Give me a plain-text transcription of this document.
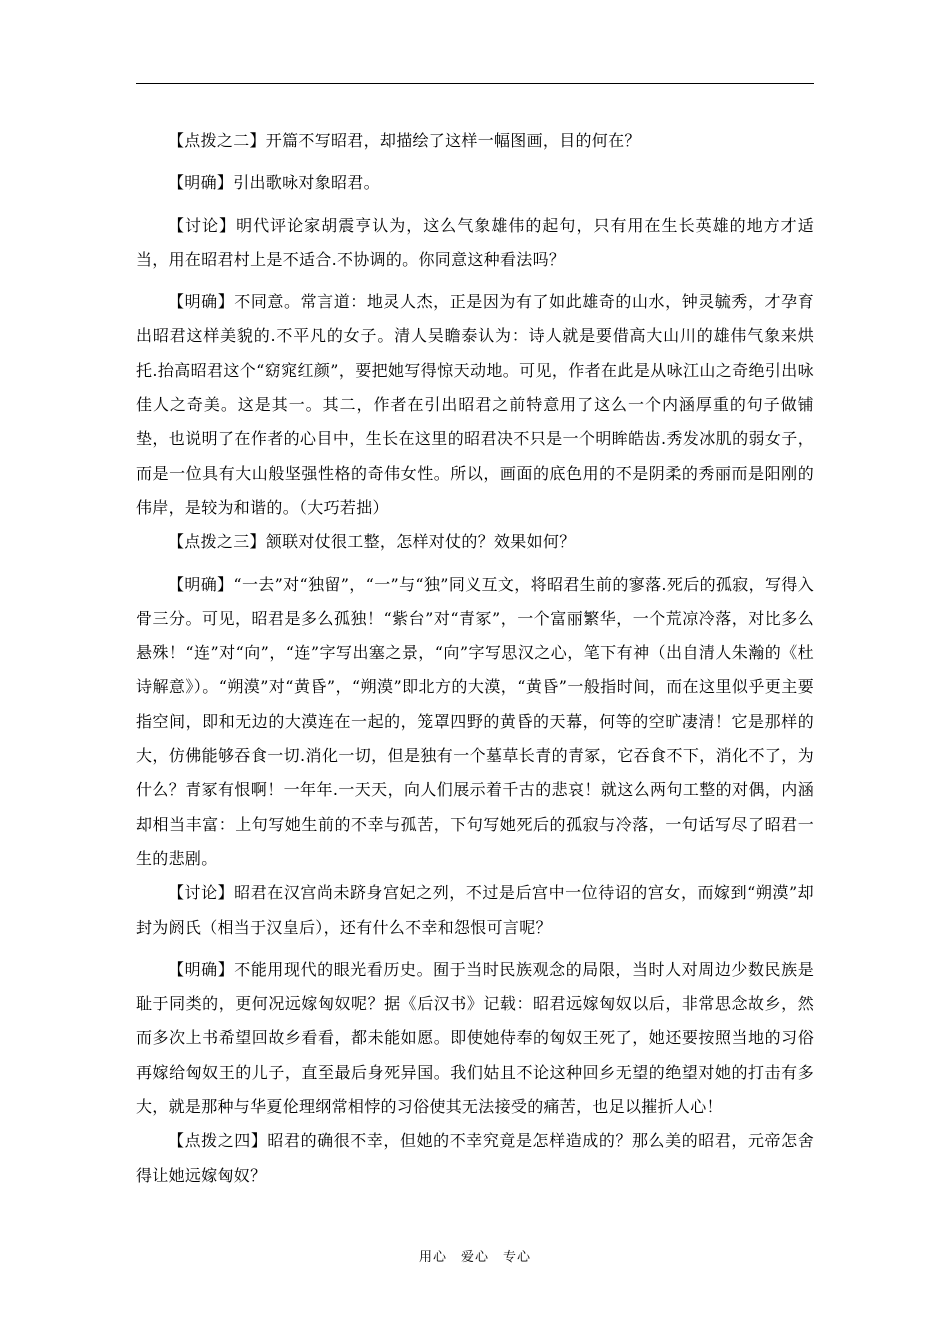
【点拨之二】开篇不写昭君，却描绘了这样一幅图画，目的何在？

【明确】引出歌咏对象昭君。

【讨论】明代评论家胡震亨认为，这么气象雄伟的起句，只有用在生长英雄的地方才适当，用在昭君村上是不适合.不协调的。你同意这种看法吗？

【明确】不同意。常言道：地灵人杰，正是因为有了如此雄奇的山水，钟灵毓秀，才孕育出昭君这样美貌的.不平凡的女子。清人吴瞻泰认为：诗人就是要借高大山川的雄伟气象来烘托.抬高昭君这个“窈窕红颜”，要把她写得惊天动地。可见，作者在此是从咏江山之奇绝引出咏佳人之奇美。这是其一。其二，作者在引出昭君之前特意用了这么一个内涵厚重的句子做铺垫，也说明了在作者的心目中，生长在这里的昭君决不只是一个明眸皓齿.秀发冰肌的弱女子，而是一位具有大山般坚强性格的奇伟女性。所以，画面的底色用的不是阴柔的秀丽而是阳刚的伟岸，是较为和谐的。（大巧若拙）

【点拨之三】颔联对仗很工整，怎样对仗的？效果如何？

【明确】“一去”对“独留”，“一”与“独”同义互文，将昭君生前的寥落.死后的孤寂，写得入骨三分。可见，昭君是多么孤独！“紫台”对“青冢”，一个富丽繁华，一个荒凉冷落，对比多么悬殊！“连”对“向”，“连”字写出塞之景，“向”字写思汉之心，笔下有神（出自清人朱瀚的《杜诗解意》）。“朔漠”对“黄昏”，“朔漠”即北方的大漠，“黄昏”一般指时间，而在这里似乎更主要指空间，即和无边的大漠连在一起的，笼罩四野的黄昏的天幕，何等的空旷凄清！它是那样的大，仿佛能够吞食一切.消化一切，但是独有一个墓草长青的青冢，它吞食不下，消化不了，为什么？青冢有恨啊！一年年.一天天，向人们展示着千古的悲哀！就这么两句工整的对偶，内涵却相当丰富：上句写她生前的不幸与孤苦，下句写她死后的孤寂与冷落，一句话写尽了昭君一生的悲剧。

【讨论】昭君在汉宫尚未跻身宫妃之列，不过是后宫中一位待诏的宫女，而嫁到“朔漠”却封为阏氏（相当于汉皇后），还有什么不幸和怨恨可言呢？

【明确】不能用现代的眼光看历史。囿于当时民族观念的局限，当时人对周边少数民族是耻于同类的，更何况远嫁匈奴呢？据《后汉书》记载：昭君远嫁匈奴以后，非常思念故乡，然而多次上书希望回故乡看看，都未能如愿。即使她侍奉的匈奴王死了，她还要按照当地的习俗再嫁给匈奴王的儿子，直至最后身死异国。我们姑且不论这种回乡无望的绝望对她的打击有多大，就是那种与华夏伦理纲常相悖的习俗使其无法接受的痛苦，也足以摧折人心！

【点拨之四】昭君的确很不幸，但她的不幸究竟是怎样造成的？那么美的昭君，元帝怎舍得让她远嫁匈奴？

用心　爱心　专心
